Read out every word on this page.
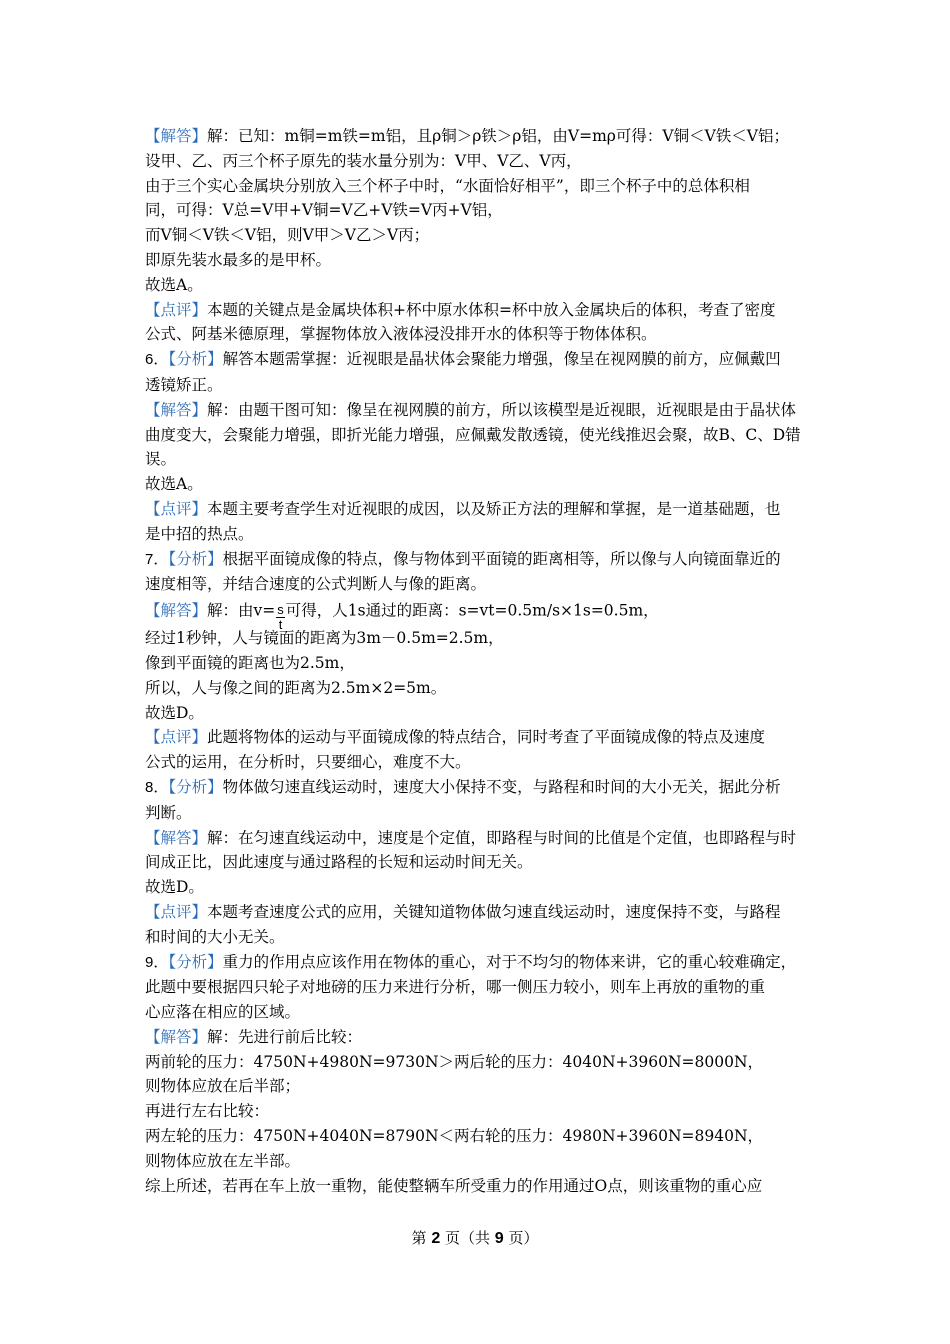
【解答】解：已知：m铜=m铁=m铝，且ρ铜＞ρ铁＞ρ铝，由V=mρ可得：V铜＜V铁＜V铝；
设甲、乙、丙三个杯子原先的装水量分别为：V甲、V乙、V丙，
由于三个实心金属块分别放入三个杯子中时，“水面恰好相平”，即三个杯子中的总体积相
同，可得：V总=V甲+V铜=V乙+V铁=V丙+V铝，
而V铜＜V铁＜V铝，则V甲＞V乙＞V丙；
即原先装水最多的是甲杯。
故选A。
【点评】本题的关键点是金属块体积+杯中原水体积=杯中放入金属块后的体积，考查了密度
公式、阿基米德原理，掌握物体放入液体浸没排开水的体积等于物体体积。
6．【分析】解答本题需掌握：近视眼是晶状体会聚能力增强，像呈在视网膜的前方，应佩戴凹
透镜矫正。
【解答】解：由题干图可知：像呈在视网膜的前方，所以该模型是近视眼，近视眼是由于晶状体
曲度变大，会聚能力增强，即折光能力增强，应佩戴发散透镜，使光线推迟会聚，故B、C、D错
误。
故选A。
【点评】本题主要考查学生对近视眼的成因，以及矫正方法的理解和掌握，是一道基础题，也
是中招的热点。
7．【分析】根据平面镜成像的特点，像与物体到平面镜的距离相等，所以像与人向镜面靠近的
速度相等，并结合速度的公式判断人与像的距离。
【解答】解：由$v= \frac{s}{t}$ 可得，人1s通过的距离：s=vt=0.5m/s×1s=0.5m，
经过1秒钟，人与镜面的距离为3m－0.5m=2.5m，
像到平面镜的距离也为2.5m，
所以，人与像之间的距离为2.5m×2=5m。
故选D。
【点评】此题将物体的运动与平面镜成像的特点结合，同时考查了平面镜成像的特点及速度
公式的运用，在分析时，只要细心，难度不大。
8．【分析】物体做匀速直线运动时，速度大小保持不变，与路程和时间的大小无关，据此分析
判断。
【解答】解：在匀速直线运动中，速度是个定值，即路程与时间的比值是个定值，也即路程与时
间成正比，因此速度与通过路程的长短和运动时间无关。
故选D。
【点评】本题考查速度公式的应用，关键知道物体做匀速直线运动时，速度保持不变，与路程
和时间的大小无关。
9．【分析】重力的作用点应该作用在物体的重心，对于不均匀的物体来讲，它的重心较难确定，
此题中要根据四只轮子对地磅的压力来进行分析，哪一侧压力较小，则车上再放的重物的重
心应落在相应的区域。
【解答】解：先进行前后比较：
两前轮的压力：4750N+4980N=9730N＞两后轮的压力：4040N+3960N=8000N，
则物体应放在后半部；
再进行左右比较：
两左轮的压力：4750N+4040N=8790N＜两右轮的压力：4980N+3960N=8940N，
则物体应放在左半部。
综上所述，若再在车上放一重物，能使整辆车所受重力的作用通过O点，则该重物的重心应
第 2 页（共 9 页）
